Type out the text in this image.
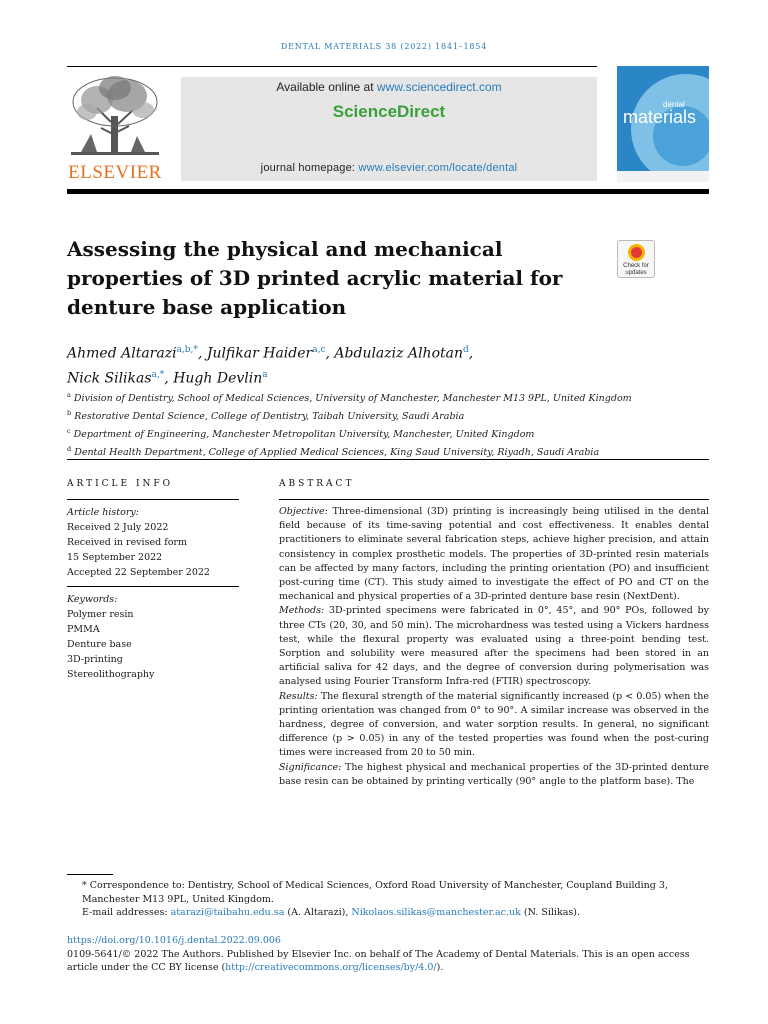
DENTAL MATERIALS 38 (2022) 1841–1854
ELSEVIER
Available online at www.sciencedirect.com
ScienceDirect
journal homepage: www.elsevier.com/locate/dental
dental
materials
Assessing the physical and mechanical properties of 3D printed acrylic material for denture base application
Check for
updates
Ahmed Altarazi$^{a,b,*}$, Julfikar Haider$^{a,c}$, Abdulaziz Alhotan$^d$,
Nick Silikas$^{a,*}$, Hugh Devlin$^a$
$^a$ Division of Dentistry, School of Medical Sciences, University of Manchester, Manchester M13 9PL, United Kingdom
$^b$ Restorative Dental Science, College of Dentistry, Taibah University, Saudi Arabia
$^c$ Department of Engineering, Manchester Metropolitan University, Manchester, United Kingdom
$^d$ Dental Health Department, College of Applied Medical Sciences, King Saud University, Riyadh, Saudi Arabia
ARTICLE INFO
Article history:
Received 2 July 2022
Received in revised form
15 September 2022
Accepted 22 September 2022
Keywords:
Polymer resin
PMMA
Denture base
3D-printing
Stereolithography
ABSTRACT

Objective: Three-dimensional (3D) printing is increasingly being utilised in the dental field because of its time-saving potential and cost effectiveness. It enables dental practitioners to eliminate several fabrication steps, achieve higher precision, and attain consistency in complex prosthetic models. The properties of 3D-printed resin materials can be affected by many factors, including the printing orientation (PO) and insufficient post-curing time (CT). This study aimed to investigate the effect of PO and CT on the mechanical and physical properties of a 3D-printed denture base resin (NextDent).

Methods: 3D-printed specimens were fabricated in 0°, 45°, and 90° POs, followed by three CTs (20, 30, and 50 min). The microhardness was tested using a Vickers hardness test, while the flexural property was evaluated using a three-point bending test. Sorption and solubility were measured after the specimens had been stored in an artificial saliva for 42 days, and the degree of conversion during polymerisation was analysed using Fourier Transform Infra-red (FTIR) spectroscopy.

Results: The flexural strength of the material significantly increased (p < 0.05) when the printing orientation was changed from 0° to 90°. A similar increase was observed in the hardness, degree of conversion, and water sorption results. In general, no significant difference (p > 0.05) in any of the tested properties was found when the post-curing times were increased from 20 to 50 min.

Significance: The highest physical and mechanical properties of the 3D-printed denture base resin can be obtained by printing vertically (90° angle to the platform base). The

* Correspondence to: Dentistry, School of Medical Sciences, Oxford Road University of Manchester, Coupland Building 3, Manchester M13 9PL, United Kingdom.
E-mail addresses: atarazi@taibahu.edu.sa (A. Altarazi), Nikolaos.silikas@manchester.ac.uk (N. Silikas).
https://doi.org/10.1016/j.dental.2022.09.006
0109-5641/© 2022 The Authors. Published by Elsevier Inc. on behalf of The Academy of Dental Materials. This is an open access article under the CC BY license (http://creativecommons.org/licenses/by/4.0/).
